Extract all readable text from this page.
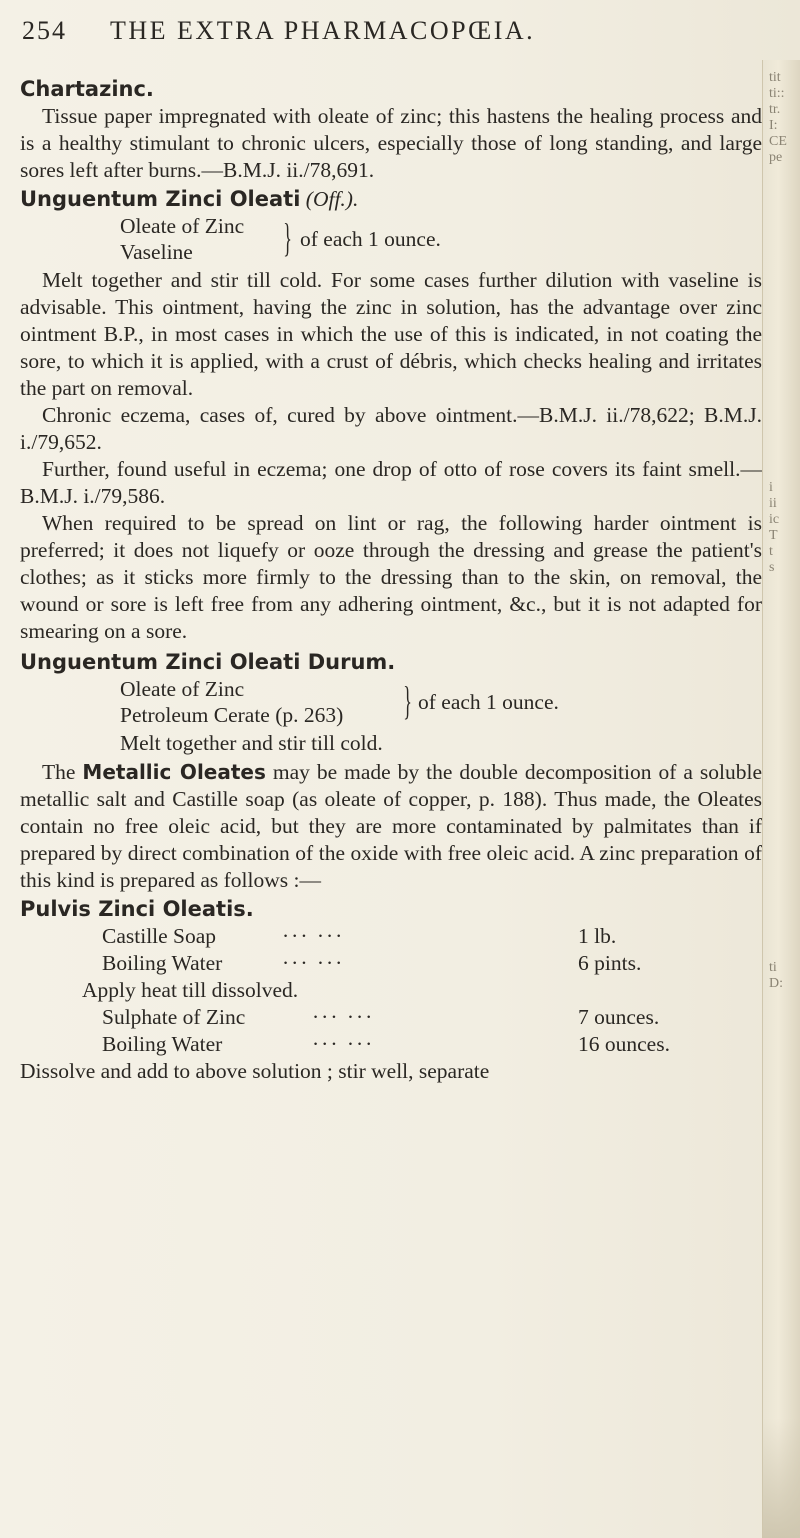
254 THE EXTRA PHARMACOPŒIA.
Chartazinc.

Tissue paper impregnated with oleate of zinc; this hastens the healing process and is a healthy stimulant to chronic ulcers, especially those of long standing, and large sores left after burns.—B.M.J. ii./78,691.

Unguentum Zinci Oleati (Off.).
Oleate of Zinc
Vaseline } of each 1 ounce.

Melt together and stir till cold. For some cases further dilution with vaseline is advisable. This ointment, having the zinc in solution, has the advantage over zinc ointment B.P., in most cases in which the use of this is indicated, in not coating the sore, to which it is applied, with a crust of débris, which checks healing and irritates the part on removal.

Chronic eczema, cases of, cured by above ointment.—B.M.J. ii./78,622; B.M.J. i./79,652.

Further, found useful in eczema; one drop of otto of rose covers its faint smell.—B.M.J. i./79,586.

When required to be spread on lint or rag, the following harder ointment is preferred; it does not liquefy or ooze through the dressing and grease the patient's clothes; as it sticks more firmly to the dressing than to the skin, on removal, the wound or sore is left free from any adhering ointment, &c., but it is not adapted for smearing on a sore.

Unguentum Zinci Oleati Durum.
Oleate of Zinc
Petroleum Cerate (p. 263) } of each 1 ounce.

Melt together and stir till cold.

The Metallic Oleates may be made by the double decomposition of a soluble metallic salt and Castille soap (as oleate of copper, p. 188). Thus made, the Oleates contain no free oleic acid, but they are more contaminated by palmitates than if prepared by direct combination of the oxide with free oleic acid. A zinc preparation of this kind is prepared as follows :—

Pulvis Zinci Oleatis.
Castille Soap	··· ···	1 lb.
Boiling Water	··· ···	6 pints.

Apply heat till dissolved.

Sulphate of Zinc	··· ···	7 ounces.
Boiling Water	··· ···	16 ounces.

Dissolve and add to above solution ; stir well, separate

tit
ti::
tr.
I:
CE
pe
i
ii
ic
T
t
s
ti
D:
